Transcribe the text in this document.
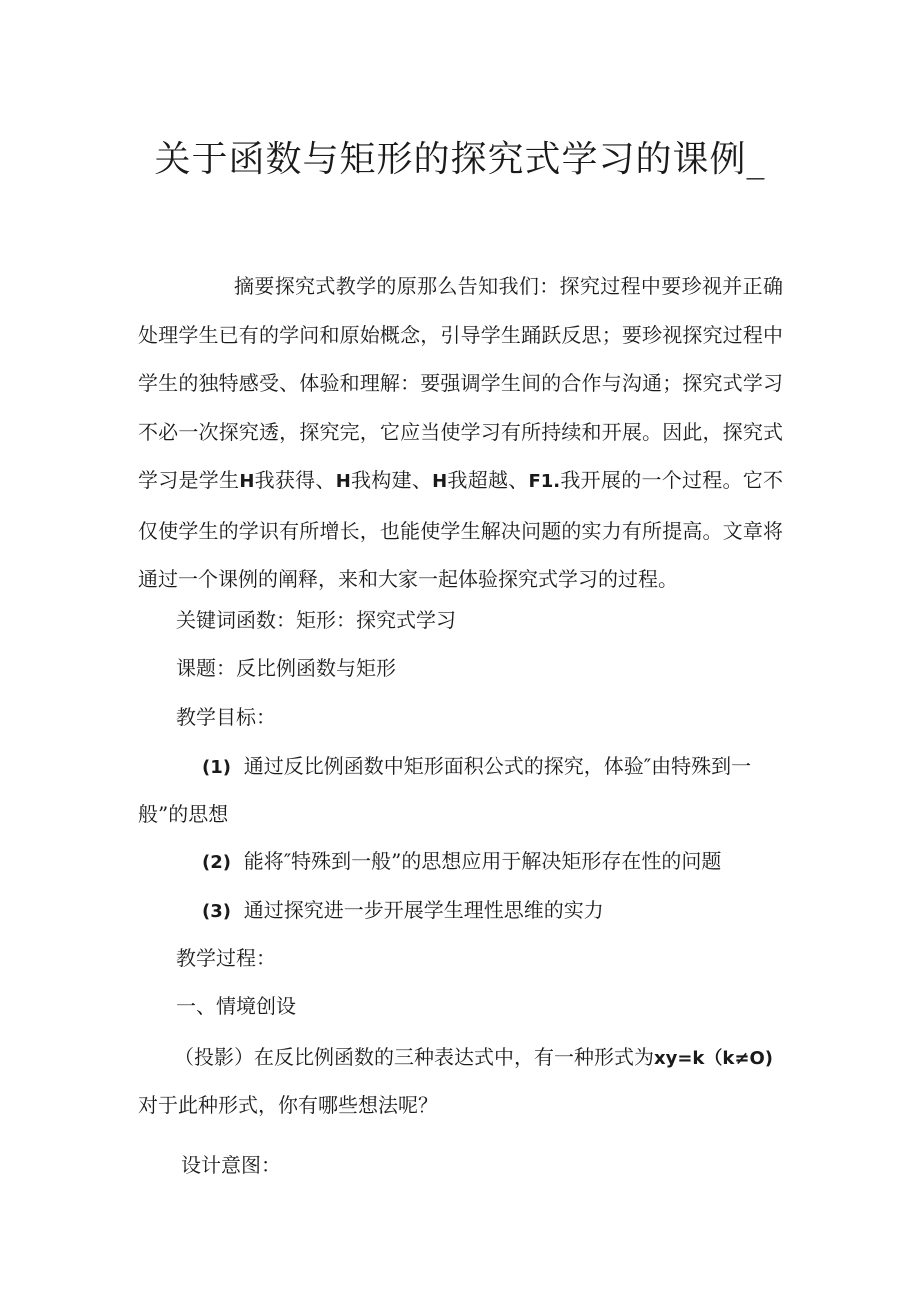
关于函数与矩形的探究式学习的课例_

摘要探究式教学的原那么告知我们：探究过程中要珍视并正确处理学生已有的学问和原始概念，引导学生踊跃反思；要珍视探究过程中学生的独特感受、体验和理解：要强调学生间的合作与沟通；探究式学习不必一次探究透，探究完，它应当使学习有所持续和开展。因此，探究式学习是学生H我获得、H我构建、H我超越、F1.我开展的一个过程。它不仅使学生的学识有所增长，也能使学生解决问题的实力有所提高。文章将通过一个课例的阐释，来和大家一起体验探究式学习的过程。

关键词函数：矩形：探究式学习

课题：反比例函数与矩形

教学目标：

(1) 通过反比例函数中矩形面积公式的探究，体验″由特殊到一般”的思想

(2) 能将″特殊到一般”的思想应用于解决矩形存在性的问题

(3) 通过探究进一步开展学生理性思维的实力

教学过程：

一、情境创设

（投影）在反比例函数的三种表达式中，有一种形式为xy=k（k≠O)对于此种形式，你有哪些想法呢？

设计意图：
